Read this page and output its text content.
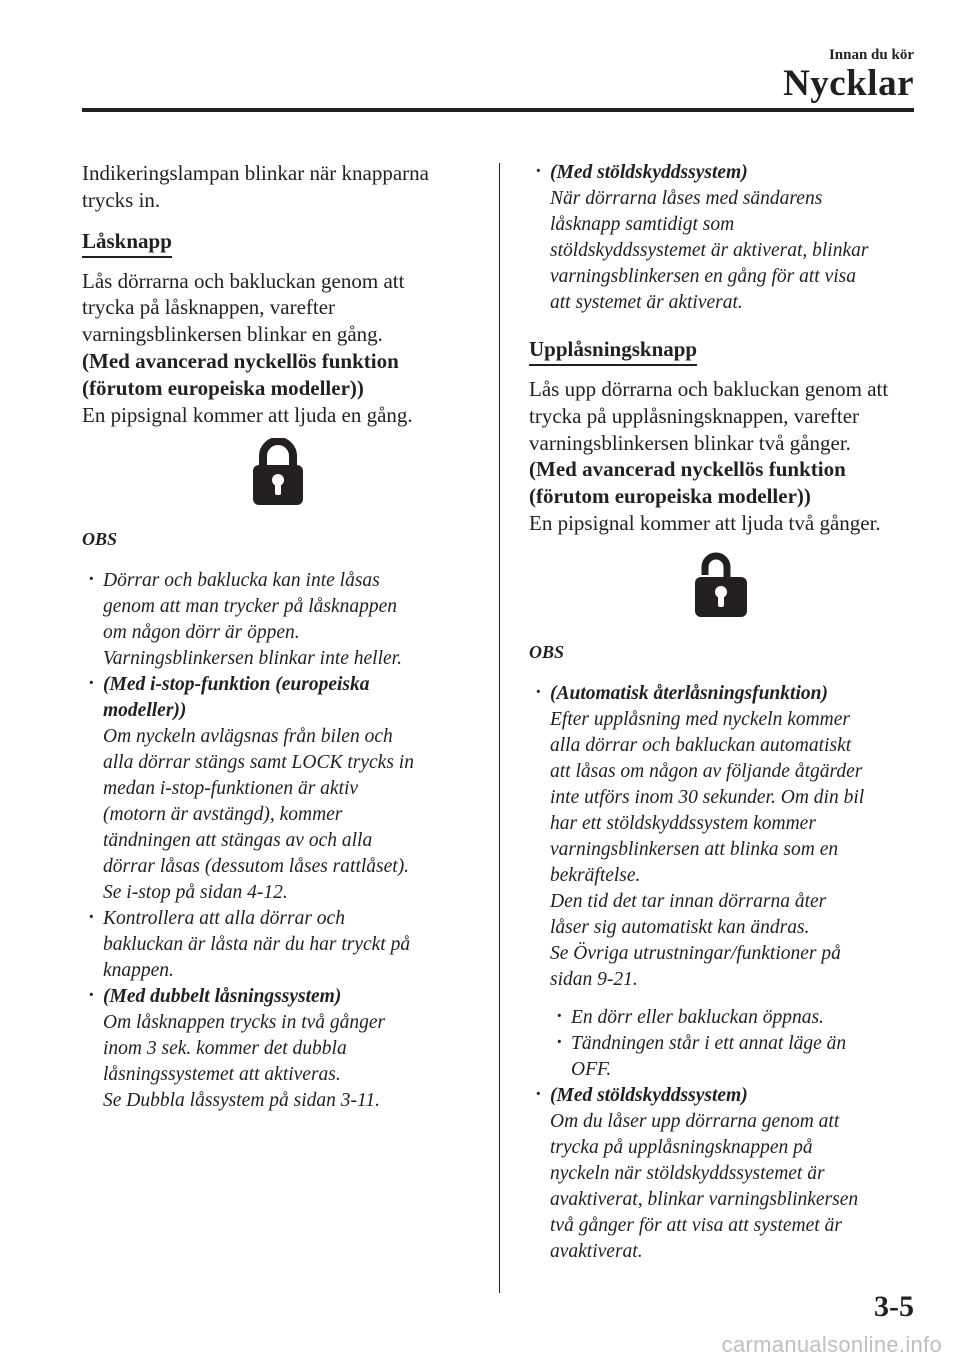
Innan du kör
Nycklar

Indikeringslampan blinkar när knapparna
trycks in.

Låsknapp

Lås dörrarna och bakluckan genom att
trycka på låsknappen, varefter
varningsblinkersen blinkar en gång.
(Med avancerad nyckellös funktion
(förutom europeiska modeller))
En pipsignal kommer att ljuda en gång.

OBS

· Dörrar och baklucka kan inte låsas
genom att man trycker på låsknappen
om någon dörr är öppen.
Varningsblinkersen blinkar inte heller.
· (Med i-stop-funktion (europeiska
modeller))
Om nyckeln avlägsnas från bilen och
alla dörrar stängs samt LOCK trycks in
medan i-stop-funktionen är aktiv
(motorn är avstängd), kommer
tändningen att stängas av och alla
dörrar låsas (dessutom låses rattlåset).
Se i-stop på sidan 4-12.
· Kontrollera att alla dörrar och
bakluckan är låsta när du har tryckt på
knappen.
· (Med dubbelt låsningssystem)
Om låsknappen trycks in två gånger
inom 3 sek. kommer det dubbla
låsningssystemet att aktiveras.
Se Dubbla låssystem på sidan 3-11.
· (Med stöldskyddssystem)
När dörrarna låses med sändarens
låsknapp samtidigt som
stöldskyddssystemet är aktiverat, blinkar
varningsblinkersen en gång för att visa
att systemet är aktiverat.

Upplåsningsknapp

Lås upp dörrarna och bakluckan genom att
trycka på upplåsningsknappen, varefter
varningsblinkersen blinkar två gånger.
(Med avancerad nyckellös funktion
(förutom europeiska modeller))
En pipsignal kommer att ljuda två gånger.

OBS

· (Automatisk återlåsningsfunktion)
Efter upplåsning med nyckeln kommer
alla dörrar och bakluckan automatiskt
att låsas om någon av följande åtgärder
inte utförs inom 30 sekunder. Om din bil
har ett stöldskyddssystem kommer
varningsblinkersen att blinka som en
bekräftelse.
Den tid det tar innan dörrarna åter
låser sig automatiskt kan ändras.
Se Övriga utrustningar/funktioner på
sidan 9-21.
· En dörr eller bakluckan öppnas.
· Tändningen står i ett annat läge än
OFF.
· (Med stöldskyddssystem)
Om du låser upp dörrarna genom att
trycka på upplåsningsknappen på
nyckeln när stöldskyddssystemet är
avaktiverat, blinkar varningsblinkersen
två gånger för att visa att systemet är
avaktiverat.
3-5
carmanualsonline.info
